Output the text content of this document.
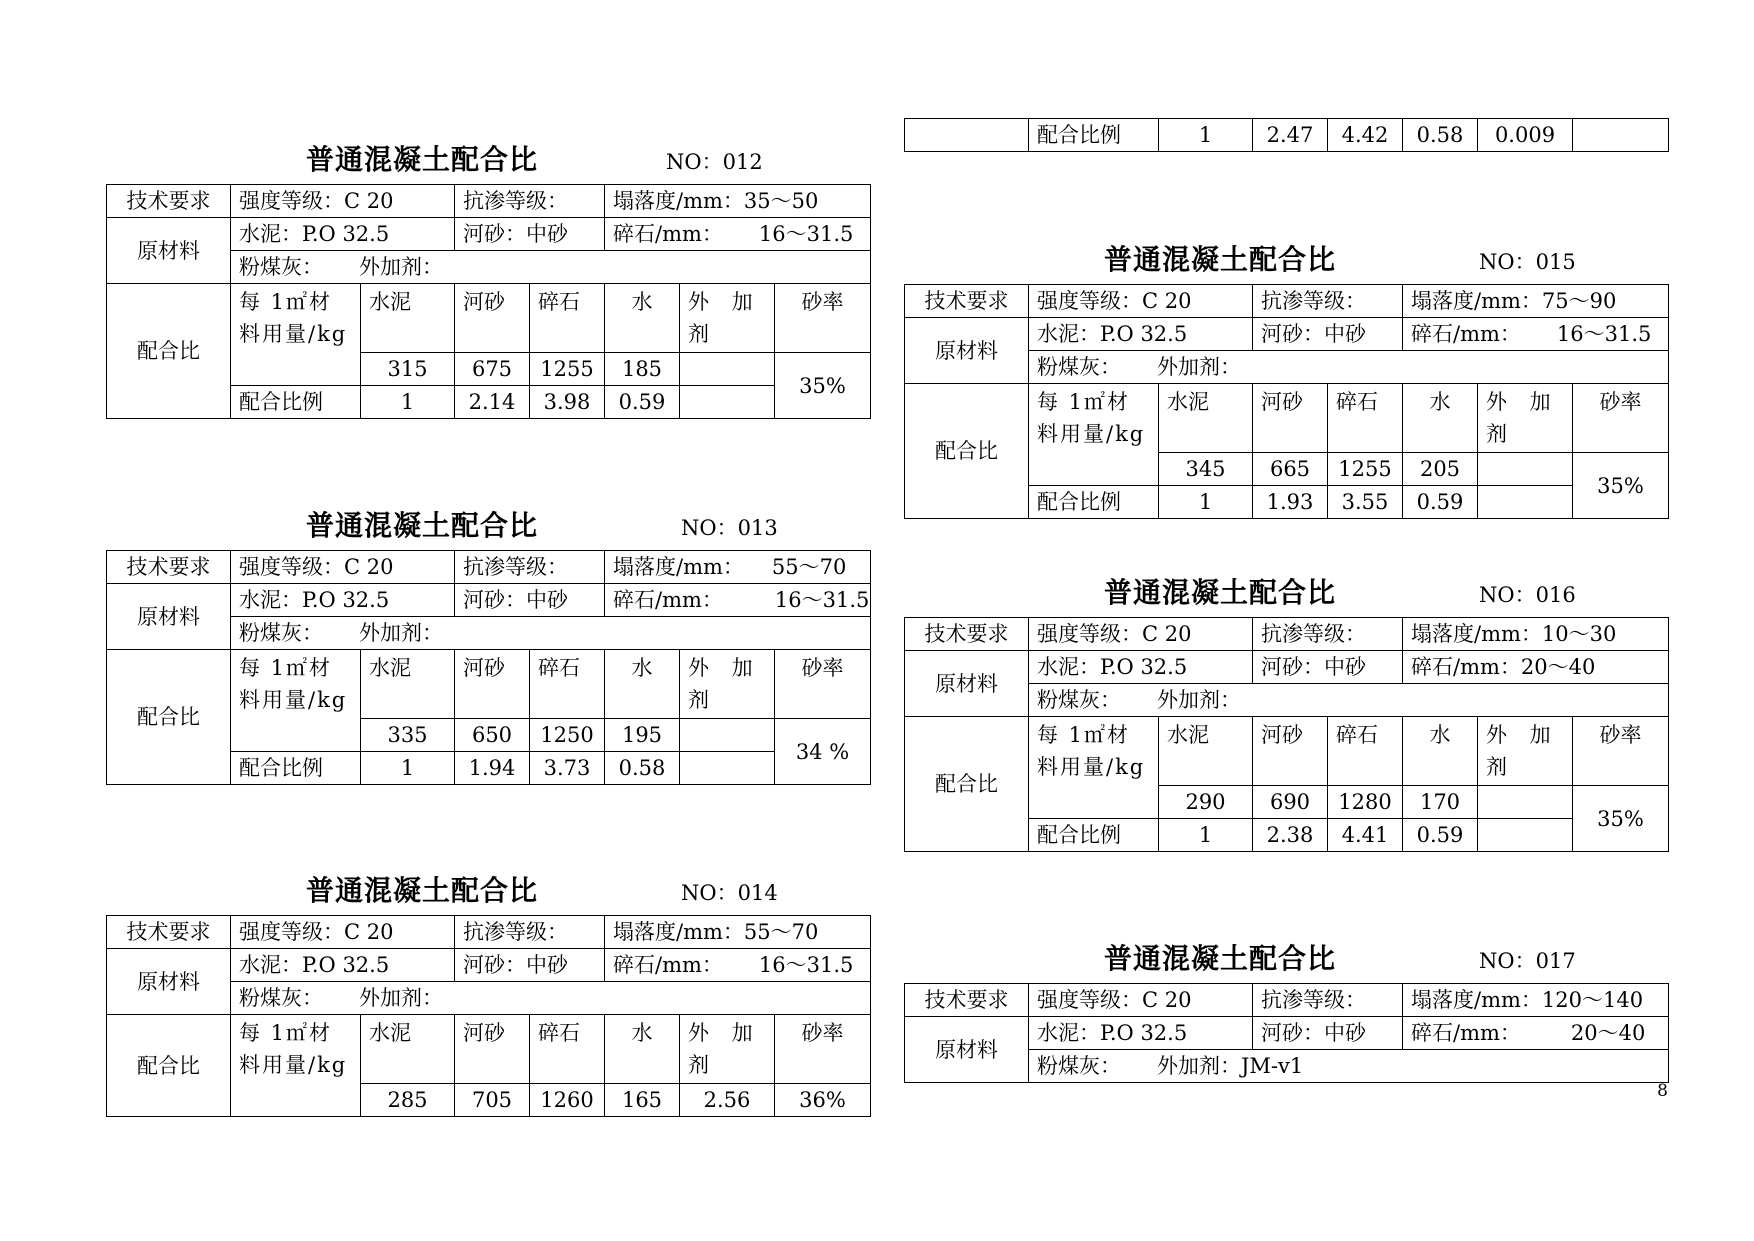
普通混凝土配合比	NO：012
技术要求	强度等级：C 20		抗渗等级：		塌落度/mm：35～50		
原材料	水泥：P.O 32.5		河砂：中砂		碎石/mm： 16～31.5		
	粉煤灰： 外加剂：						
配合比	每 1㎡材料用量/kg	水泥	河砂	碎石	水	外 加 剂	砂率
		315	675	1255	185		35%
	配合比例	1	2.14	3.98	0.59		
普通混凝土配合比	NO：013
技术要求	强度等级：C 20		抗渗等级：		塌落度/mm： 55～70		
原材料	水泥：P.O 32.5		河砂：中砂		碎石/mm： 16～31.5		
	粉煤灰： 外加剂：						
配合比	每 1㎡材料用量/kg	水泥	河砂	碎石	水	外 加 剂	砂率
		335	650	1250	195		34 %
	配合比例	1	1.94	3.73	0.58		
普通混凝土配合比	NO：014
技术要求	强度等级：C 20		抗渗等级：		塌落度/mm：55～70		
原材料	水泥：P.O 32.5		河砂：中砂		碎石/mm： 16～31.5		
	粉煤灰： 外加剂：						
配合比	每 1㎡材料用量/kg	水泥	河砂	碎石	水	外 加 剂	砂率
		285	705	1260	165	2.56	36%
	配合比例	1	2.47	4.42	0.58	0.009	
普通混凝土配合比	NO：015
技术要求	强度等级：C 20		抗渗等级：		塌落度/mm：75～90		
原材料	水泥：P.O 32.5		河砂：中砂		碎石/mm： 16～31.5		
	粉煤灰： 外加剂：						
配合比	每 1㎡材料用量/kg	水泥	河砂	碎石	水	外 加 剂	砂率
		345	665	1255	205		35%
	配合比例	1	1.93	3.55	0.59		
普通混凝土配合比	NO：016
技术要求	强度等级：C 20		抗渗等级：		塌落度/mm：10～30		
原材料	水泥：P.O 32.5		河砂：中砂		碎石/mm：20～40		
	粉煤灰： 外加剂：						
配合比	每 1㎡材料用量/kg	水泥	河砂	碎石	水	外 加 剂	砂率
		290	690	1280	170		35%
	配合比例	1	2.38	4.41	0.59		
普通混凝土配合比	NO：017
技术要求	强度等级：C 20	抗渗等级：	塌落度/mm：120～140
原材料	水泥：P.O 32.5	河砂：中砂	碎石/mm： 20～40
	粉煤灰： 外加剂：JM-v1		
8
